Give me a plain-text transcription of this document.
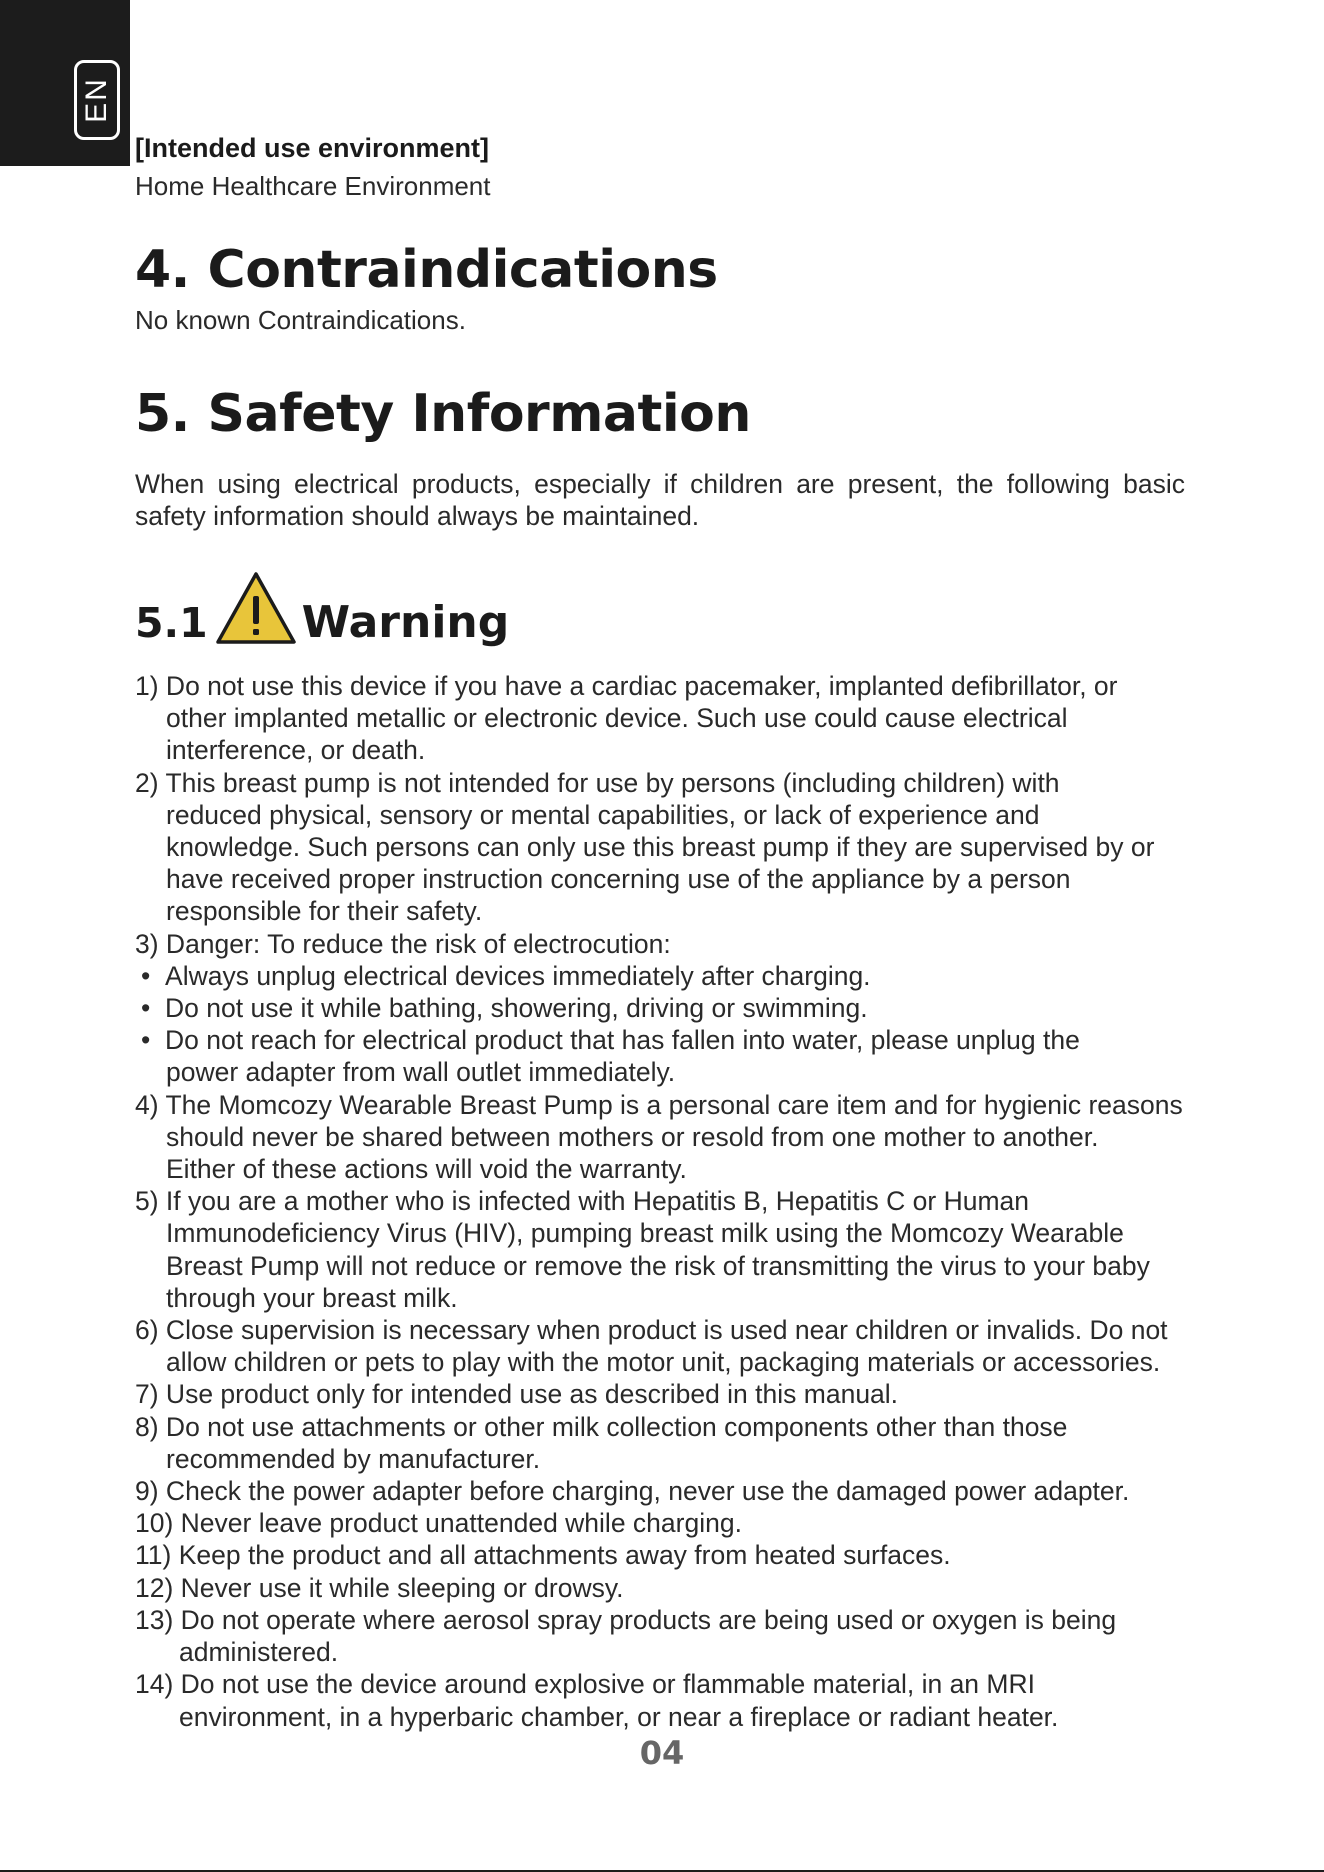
EN

[Intended use environment]

Home Healthcare Environment

4. Contraindications

No known Contraindications.

5. Safety Information

When using electrical products, especially if children are present, the following basic safety information should always be maintained.

5.1 Warning

1) Do not use this device if you have a cardiac pacemaker, implanted defibrillator, or

other implanted metallic or electronic device. Such use could cause electrical

interference, or death.

2) This breast pump is not intended for use by persons (including children) with

reduced physical, sensory or mental capabilities, or lack of experience and

knowledge. Such persons can only use this breast pump if they are supervised by or

have received proper instruction concerning use of the appliance by a person

responsible for their safety.

3) Danger: To reduce the risk of electrocution:

• Always unplug electrical devices immediately after charging.

• Do not use it while bathing, showering, driving or swimming.

• Do not reach for electrical product that has fallen into water, please unplug the

power adapter from wall outlet immediately.

4) The Momcozy Wearable Breast Pump is a personal care item and for hygienic reasons

should never be shared between mothers or resold from one mother to another.

Either of these actions will void the warranty.

5) If you are a mother who is infected with Hepatitis B, Hepatitis C or Human

Immunodeficiency Virus (HIV), pumping breast milk using the Momcozy Wearable

Breast Pump will not reduce or remove the risk of transmitting the virus to your baby

through your breast milk.

6) Close supervision is necessary when product is used near children or invalids. Do not

allow children or pets to play with the motor unit, packaging materials or accessories.

7) Use product only for intended use as described in this manual.

8) Do not use attachments or other milk collection components other than those

recommended by manufacturer.

9) Check the power adapter before charging, never use the damaged power adapter.

10) Never leave product unattended while charging.

11) Keep the product and all attachments away from heated surfaces.

12) Never use it while sleeping or drowsy.

13) Do not operate where aerosol spray products are being used or oxygen is being

administered.

14) Do not use the device around explosive or flammable material, in an MRI

environment, in a hyperbaric chamber, or near a fireplace or radiant heater.

04
